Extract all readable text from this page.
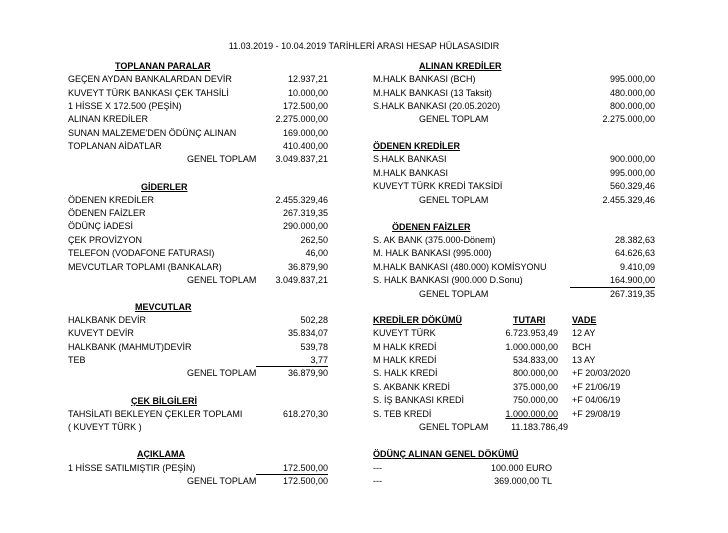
11.03.2019 - 10.04.2019 TARİHLERİ ARASI HESAP HÜLASASIDIR
TOPLANAN PARALAR
GEÇEN AYDAN BANKALARDAN DEVİR	12.937,21
KUVEYT TÜRK BANKASI ÇEK TAHSİLİ	10.000,00
1 HİSSE X 172.500 (PEŞİN)	172.500,00
ALINAN KREDİLER	2.275.000,00
SUNAN MALZEME'DEN ÖDÜNÇ ALINAN	169.000,00
TOPLANAN AİDATLAR	410.400,00
GENEL TOPLAM	3.049.837,21
GİDERLER
ÖDENEN KREDİLER	2.455.329,46
ÖDENEN FAİZLER	267.319,35
ÖDÜNÇ İADESİ	290.000,00
ÇEK PROVİZYON	262,50
TELEFON (VODAFONE FATURASI)	46,00
MEVCUTLAR TOPLAMI (BANKALAR)	36.879,90
GENEL TOPLAM	3.049.837,21
MEVCUTLAR
HALKBANK DEVİR	502,28
KUVEYT DEVİR	35.834,07
HALKBANK (MAHMUT)DEVİR	539,78
TEB	3,77
GENEL TOPLAM	36.879,90
ÇEK BİLGİLERİ
TAHSİLATI BEKLEYEN ÇEKLER TOPLAMI	618.270,30
( KUVEYT TÜRK )
AÇIKLAMA
1 HİSSE SATILMIŞTIR (PEŞİN)	172.500,00
GENEL TOPLAM	172.500,00
ALINAN KREDİLER
M.HALK BANKASI (BCH)	995.000,00
M.HALK BANKASI (13 Taksit)	480.000,00
S.HALK BANKASI (20.05.2020)	800.000,00
GENEL TOPLAM	2.275.000,00
ÖDENEN KREDİLER
S.HALK BANKASI	900.000,00
M.HALK BANKASI	995.000,00
KUVEYT TÜRK KREDİ TAKSİDİ	560.329,46
GENEL TOPLAM	2.455.329,46
ÖDENEN FAİZLER
S. AK BANK (375.000-Dönem)	28.382,63
M. HALK BANKASI (995.000)	64.626,63
M.HALK BANKASI (480.000) KOMİSYONU	9.410,09
S. HALK BANKASI (900.000 D.Sonu)	164.900,00
GENEL TOPLAM	267.319,35
KREDİLER DÖKÜMÜ	TUTARI	VADE
KUVEYT TÜRK	6.723.953,49 12 AY
M HALK KREDİ	1.000.000,00 BCH
M HALK KREDİ	534.833,00 13 AY
S. HALK KREDİ	800.000,00 +F 20/03/2020
S. AKBANK KREDİ	375.000,00 +F 21/06/19
S. İŞ BANKASI KREDİ	750.000,00 +F 04/06/19
S. TEB KREDİ	1.000.000,00 +F 29/08/19
GENEL TOPLAM	11.183.786,49
ÖDÜNÇ ALINAN GENEL DÖKÜMÜ
---	100.000 EURO
---	369.000,00 TL
